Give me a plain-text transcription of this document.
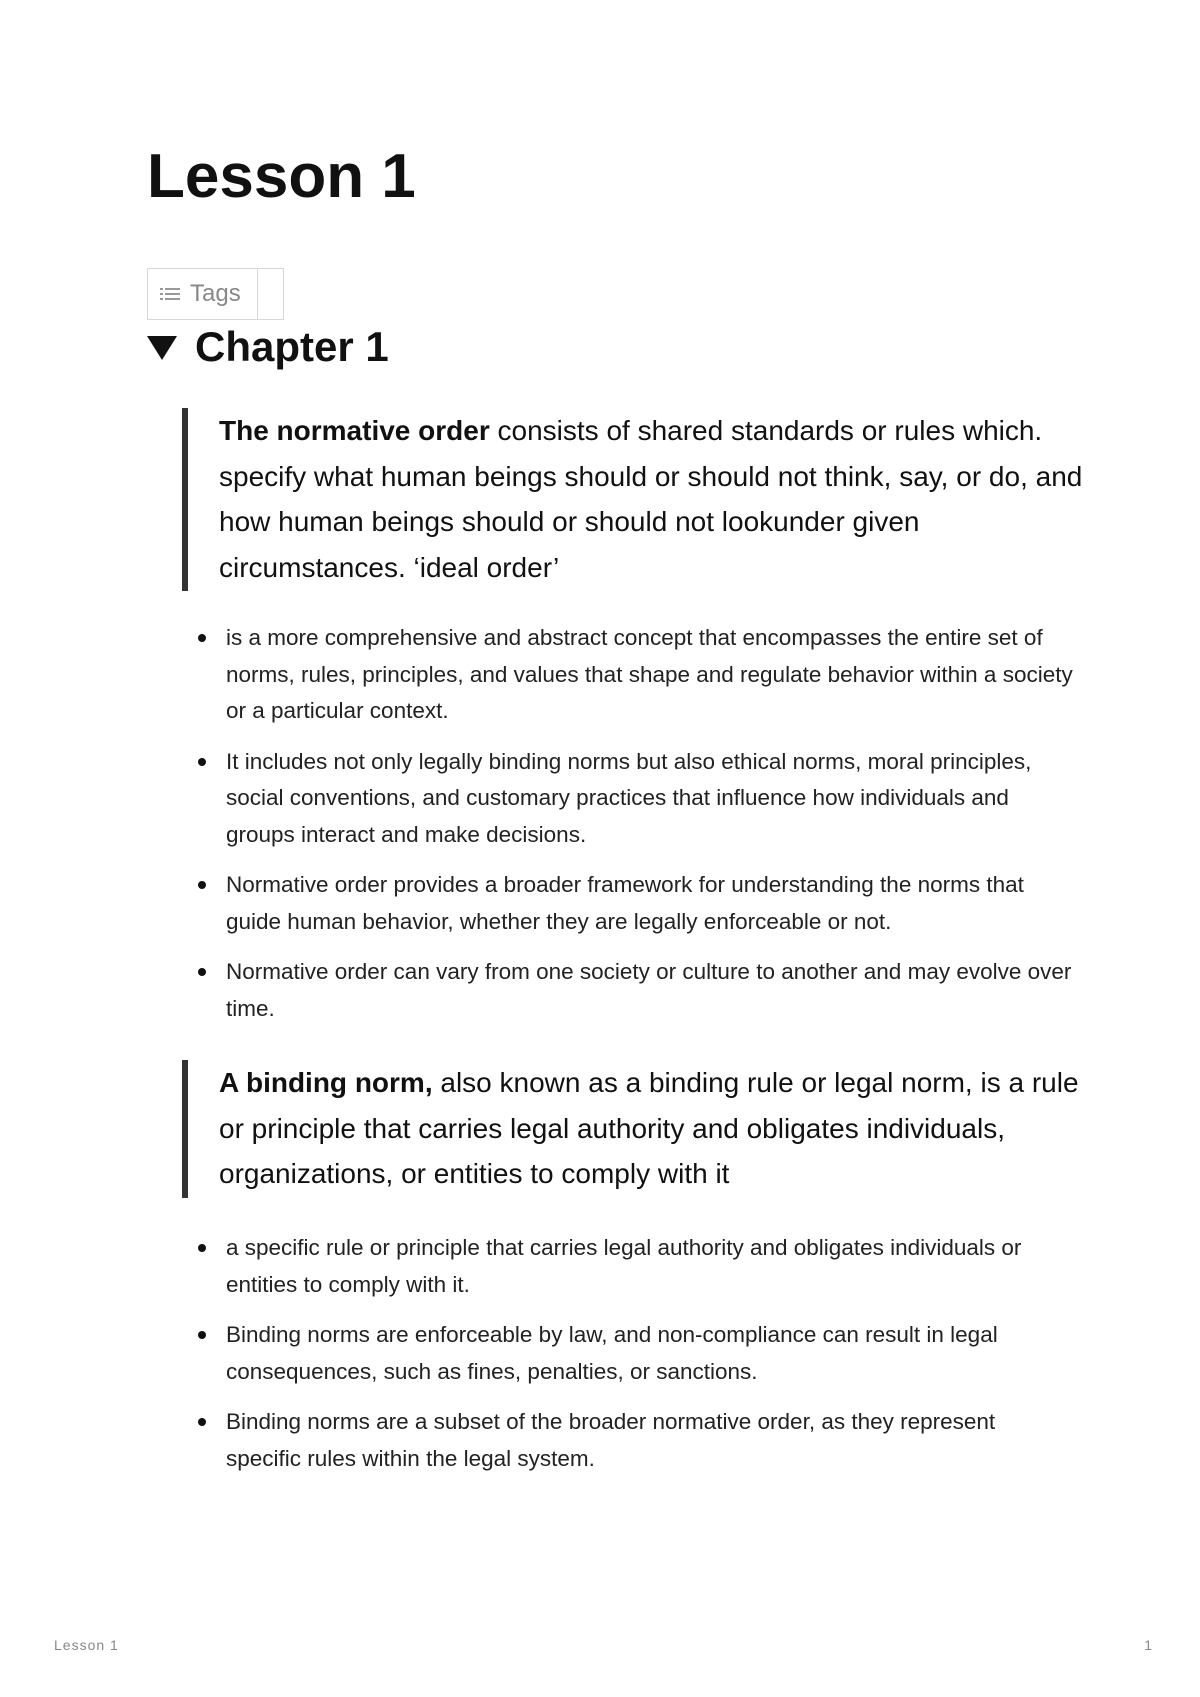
Lesson 1
Tags
Chapter 1
The normative order consists of shared standards or rules which. specify what human beings should or should not think, say, or do, and how human beings should or should not lookunder given circumstances. ‘ideal order’
is a more comprehensive and abstract concept that encompasses the entire set of norms, rules, principles, and values that shape and regulate behavior within a society or a particular context.
It includes not only legally binding norms but also ethical norms, moral principles, social conventions, and customary practices that influence how individuals and groups interact and make decisions.
Normative order provides a broader framework for understanding the norms that guide human behavior, whether they are legally enforceable or not.
Normative order can vary from one society or culture to another and may evolve over time.
A binding norm, also known as a binding rule or legal norm, is a rule or principle that carries legal authority and obligates individuals, organizations, or entities to comply with it
a specific rule or principle that carries legal authority and obligates individuals or entities to comply with it.
Binding norms are enforceable by law, and non-compliance can result in legal consequences, such as fines, penalties, or sanctions.
Binding norms are a subset of the broader normative order, as they represent specific rules within the legal system.
Lesson 1	1
